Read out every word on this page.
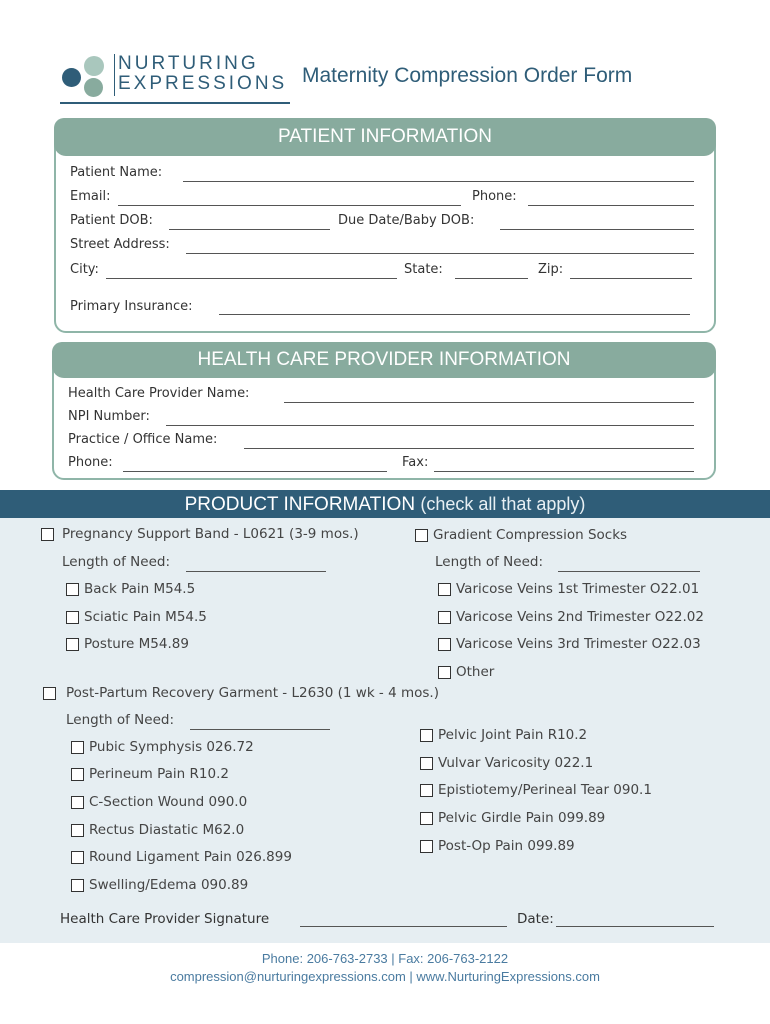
NURTURING
EXPRESSIONS Maternity Compression Order Form
PATIENT INFORMATION
Patient Name:
Email:	Phone:
Patient DOB:	Due Date/Baby DOB:
Street Address:
City:	State:	Zip:
Primary Insurance:
HEALTH CARE PROVIDER INFORMATION
Health Care Provider Name:
NPI Number:
Practice / Office Name:
Phone:	Fax:
PRODUCT INFORMATION (check all that apply)
Pregnancy Support Band - L0621 (3-9 mos.)
Length of Need:
Back Pain M54.5
Sciatic Pain M54.5
Posture M54.89
Gradient Compression Socks
Length of Need:
Varicose Veins 1st Trimester O22.01
Varicose Veins 2nd Trimester O22.02
Varicose Veins 3rd Trimester O22.03
Other
Post-Partum Recovery Garment - L2630 (1 wk - 4 mos.)
Length of Need:
Pubic Symphysis 026.72
Perineum Pain R10.2
C-Section Wound 090.0
Rectus Diastatic M62.0
Round Ligament Pain 026.899
Swelling/Edema 090.89
Pelvic Joint Pain R10.2
Vulvar Varicosity 022.1
Epistiotemy/Perineal Tear 090.1
Pelvic Girdle Pain 099.89
Post-Op Pain 099.89
Health Care Provider Signature	Date:
Phone: 206-763-2733 | Fax: 206-763-2122
compression@nurturingexpressions.com | www.NurturingExpressions.com
